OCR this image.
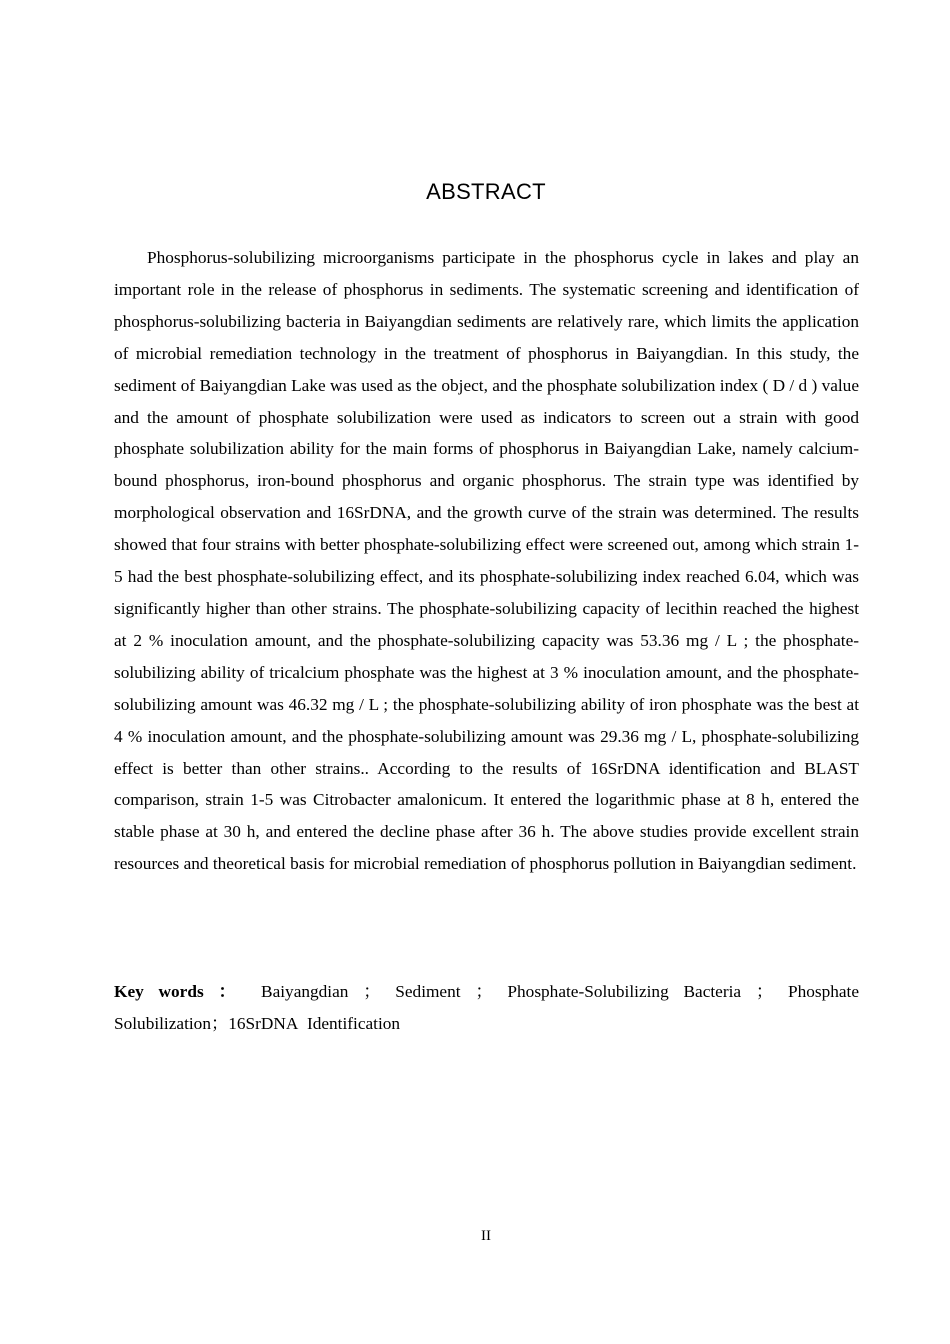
ABSTRACT

Phosphorus-solubilizing microorganisms participate in the phosphorus cycle in lakes and play an important role in the release of phosphorus in sediments. The systematic screening and identification of phosphorus-solubilizing bacteria in Baiyangdian sediments are relatively rare, which limits the application of microbial remediation technology in the treatment of phosphorus in Baiyangdian. In this study, the sediment of Baiyangdian Lake was used as the object, and the phosphate solubilization index ( D / d ) value and the amount of phosphate solubilization were used as indicators to screen out a strain with good phosphate solubilization ability for the main forms of phosphorus in Baiyangdian Lake, namely calcium-bound phosphorus, iron-bound phosphorus and organic phosphorus. The strain type was identified by morphological observation and 16SrDNA, and the growth curve of the strain was determined. The results showed that four strains with better phosphate-solubilizing effect were screened out, among which strain 1-5 had the best phosphate-solubilizing effect, and its phosphate-solubilizing index reached 6.04, which was significantly higher than other strains. The phosphate-solubilizing capacity of lecithin reached the highest at 2 % inoculation amount, and the phosphate-solubilizing capacity was 53.36 mg / L ; the phosphate-solubilizing ability of tricalcium phosphate was the highest at 3 % inoculation amount, and the phosphate-solubilizing amount was 46.32 mg / L ; the phosphate-solubilizing ability of iron phosphate was the best at 4 % inoculation amount, and the phosphate-solubilizing amount was 29.36 mg / L, phosphate-solubilizing effect is better than other strains.. According to the results of 16SrDNA identification and BLAST comparison, strain 1-5 was Citrobacter amalonicum. It entered the logarithmic phase at 8 h, entered the stable phase at 30 h, and entered the decline phase after 36 h. The above studies provide excellent strain resources and theoretical basis for microbial remediation of phosphorus pollution in Baiyangdian sediment.

Key words ： Baiyangdian ； Sediment ； Phosphate-Solubilizing Bacteria ； Phosphate Solubilization；16SrDNA  Identification

II
